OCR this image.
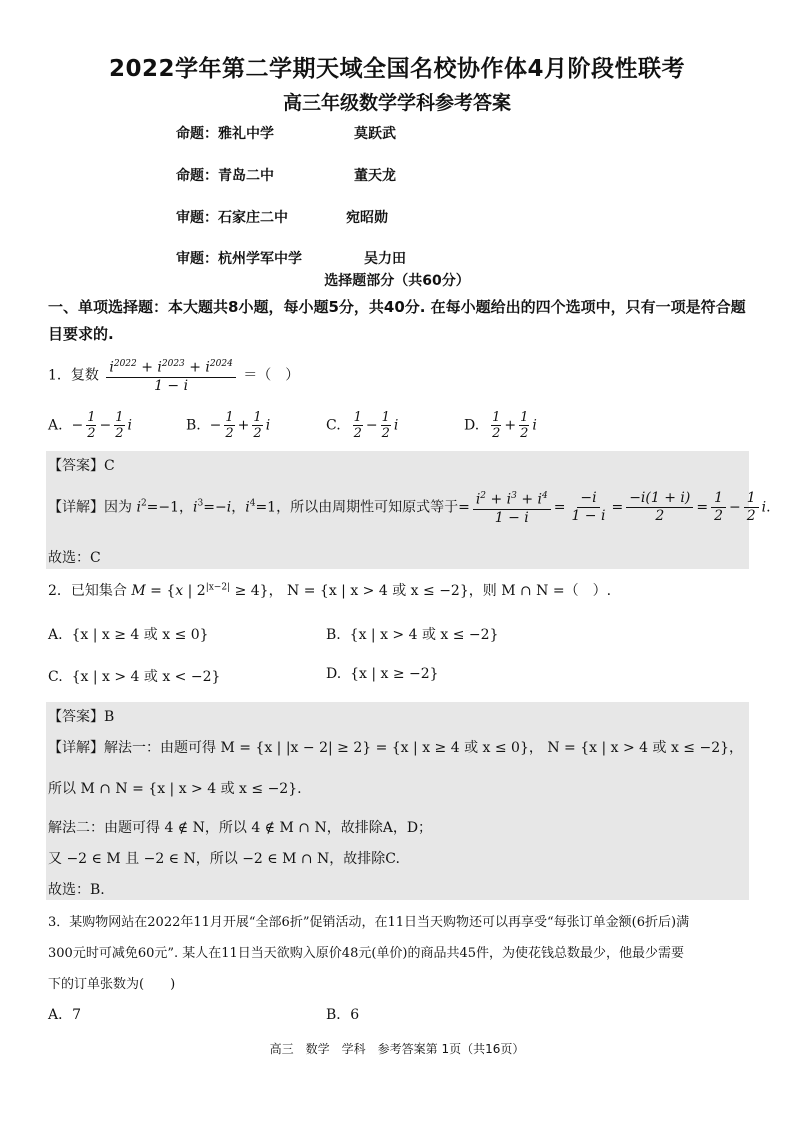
2022学年第二学期天域全国名校协作体4月阶段性联考
高三年级数学学科参考答案
命题：雅礼中学	莫跃武
命题：青岛二中	董天龙
审题：石家庄二中	宛昭勋
审题：杭州学军中学	吴力田
选择题部分（共60分）
一、单项选择题：本大题共8小题，每小题5分，共40分. 在每小题给出的四个选项中，只有一项是符合题目要求的.
1．复数 $\frac{i^{2022} + i^{2023} + i^{2024}}{1 - i}$ ＝（　）
A.  − $\frac{1}{2} - \frac{1}{2}$ i	B.  − $\frac{1}{2} + \frac{1}{2}$ i	C. $\frac{1}{2} - \frac{1}{2}$ i	D. $\frac{1}{2} + \frac{1}{2}$ i
【答案】C
【详解】因为 $i^2=-1$，$i^3=-i$，$i^4=1$，所以由周期性可知原式等于= $\frac{i^2 + i^3 + i^4}{1 - i} = \frac{-i}{1 - i} = \frac{-i(1 + i)}{2} = \frac{1}{2} - \frac{1}{2} i$.
故选：C
2．已知集合 M = {x | $2^{|x-2|} \ge 4$}， N = {x | x > 4 或 x ≤ −2}，则 M ∩ N =（　）.
A. {x | x ≥ 4 或 x ≤ 0}	B. {x | x > 4 或 x ≤ −2}
C. {x | x > 4 或 x < −2}	D. {x | x ≥ −2}
【答案】B
【详解】解法一：由题可得 M = {x | |x − 2| ≥ 2} = {x | x ≥ 4 或 x ≤ 0}， N = {x | x > 4 或 x ≤ −2}，
所以 M ∩ N = {x | x > 4 或 x ≤ −2}.
解法二：由题可得 4 ∉ N，所以 4 ∉ M ∩ N，故排除A，D；
又 −2 ∈ M 且 −2 ∈ N，所以 −2 ∈ M ∩ N，故排除C.
故选：B.
3．某购物网站在2022年11月开展“全部6折”促销活动，在11日当天购物还可以再享受“每张订单金额(6折后)满
300元时可减免60元”. 某人在11日当天欲购入原价48元(单价)的商品共45件，为使花钱总数最少，他最少需要
下的订单张数为(　　)
A．7	B．6
高三　数学　学科　参考答案第 1页（共16页）
